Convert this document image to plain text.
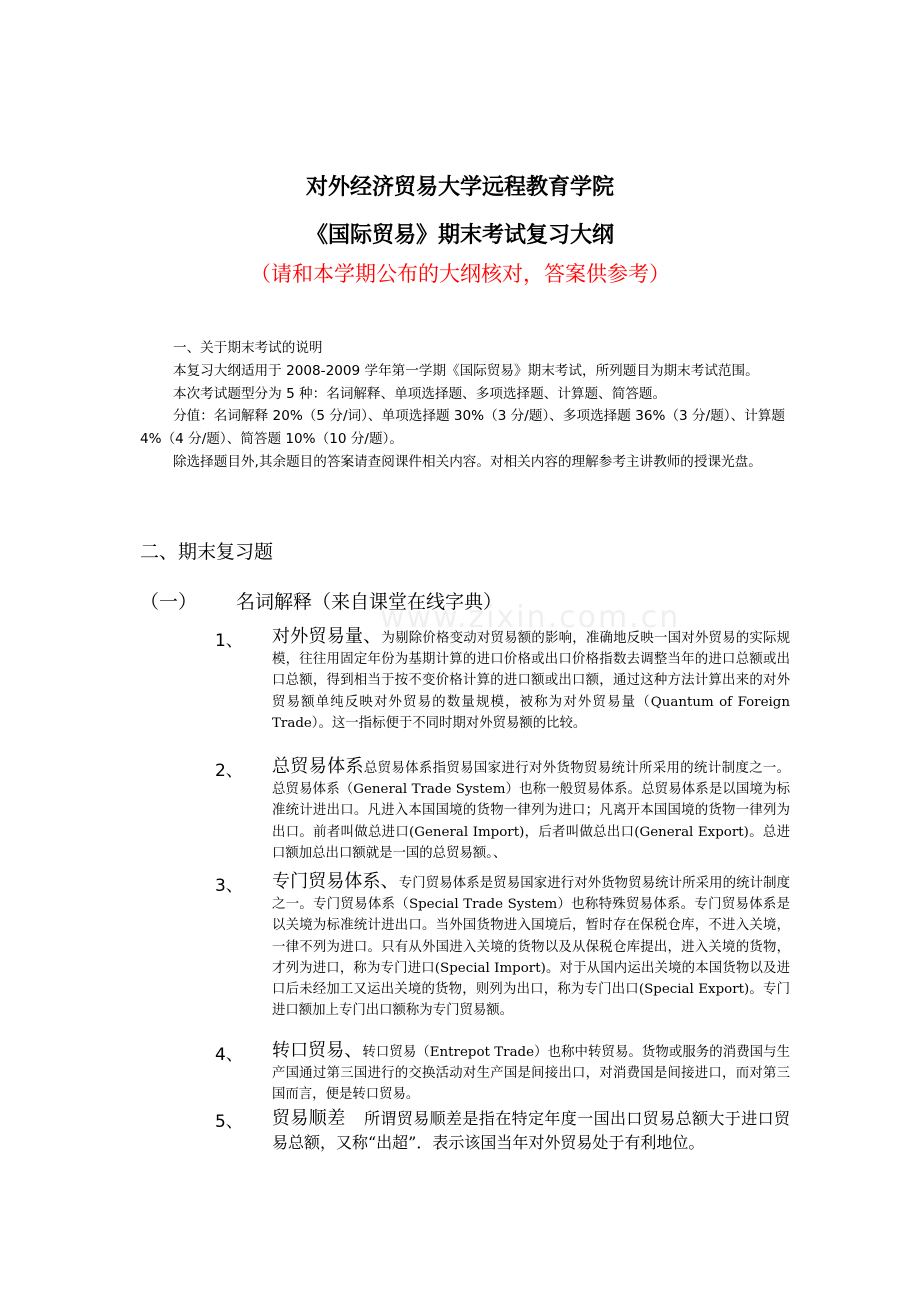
对外经济贸易大学远程教育学院
《国际贸易》期末考试复习大纲
（请和本学期公布的大纲核对，答案供参考）

一、关于期末考试的说明

本复习大纲适用于 2008-2009 学年第一学期《国际贸易》期末考试，所列题目为期末考试范围。

本次考试题型分为 5 种：名词解释、单项选择题、多项选择题、计算题、简答题。

分值：名词解释 20%（5 分/词）、单项选择题 30%（3 分/题）、多项选择题 36%（3 分/题）、计算题 4%（4 分/题）、简答题 10%（10 分/题）。

除选择题目外,其余题目的答案请查阅课件相关内容。对相关内容的理解参考主讲教师的授课光盘。

二、期末复习题
（一） 名词解释（来自课堂在线字典）
www.zixin.com.cn
1、 对外贸易量、为剔除价格变动对贸易额的影响，准确地反映一国对外贸易的实际规模，往往用固定年份为基期计算的进口价格或出口价格指数去调整当年的进口总额或出口总额，得到相当于按不变价格计算的进口额或出口额，通过这种方法计算出来的对外贸易额单纯反映对外贸易的数量规模，被称为对外贸易量（Quantum of Foreign Trade）。这一指标便于不同时期对外贸易额的比较。
2、 总贸易体系总贸易体系指贸易国家进行对外货物贸易统计所采用的统计制度之一。总贸易体系（General Trade System）也称一般贸易体系。总贸易体系是以国境为标准统计进出口。凡进入本国国境的货物一律列为进口；凡离开本国国境的货物一律列为出口。前者叫做总进口(General Import)，后者叫做总出口(General Export)。总进口额加总出口额就是一国的总贸易额。、
3、 专门贸易体系、专门贸易体系是贸易国家进行对外货物贸易统计所采用的统计制度之一。专门贸易体系（Special Trade System）也称特殊贸易体系。专门贸易体系是以关境为标准统计进出口。当外国货物进入国境后，暂时存在保税仓库，不进入关境，一律不列为进口。只有从外国进入关境的货物以及从保税仓库提出，进入关境的货物，才列为进口，称为专门进口(Special Import)。对于从国内运出关境的本国货物以及进口后未经加工又运出关境的货物，则列为出口，称为专门出口(Special Export)。专门进口额加上专门出口额称为专门贸易额。
4、 转口贸易、转口贸易（Entrepot Trade）也称中转贸易。货物或服务的消费国与生产国通过第三国进行的交换活动对生产国是间接出口，对消费国是间接进口，而对第三国而言，便是转口贸易。
5、 贸易顺差　 所谓贸易顺差是指在特定年度一国出口贸易总额大于进口贸易总额，又称“出超”．表示该国当年对外贸易处于有利地位。
